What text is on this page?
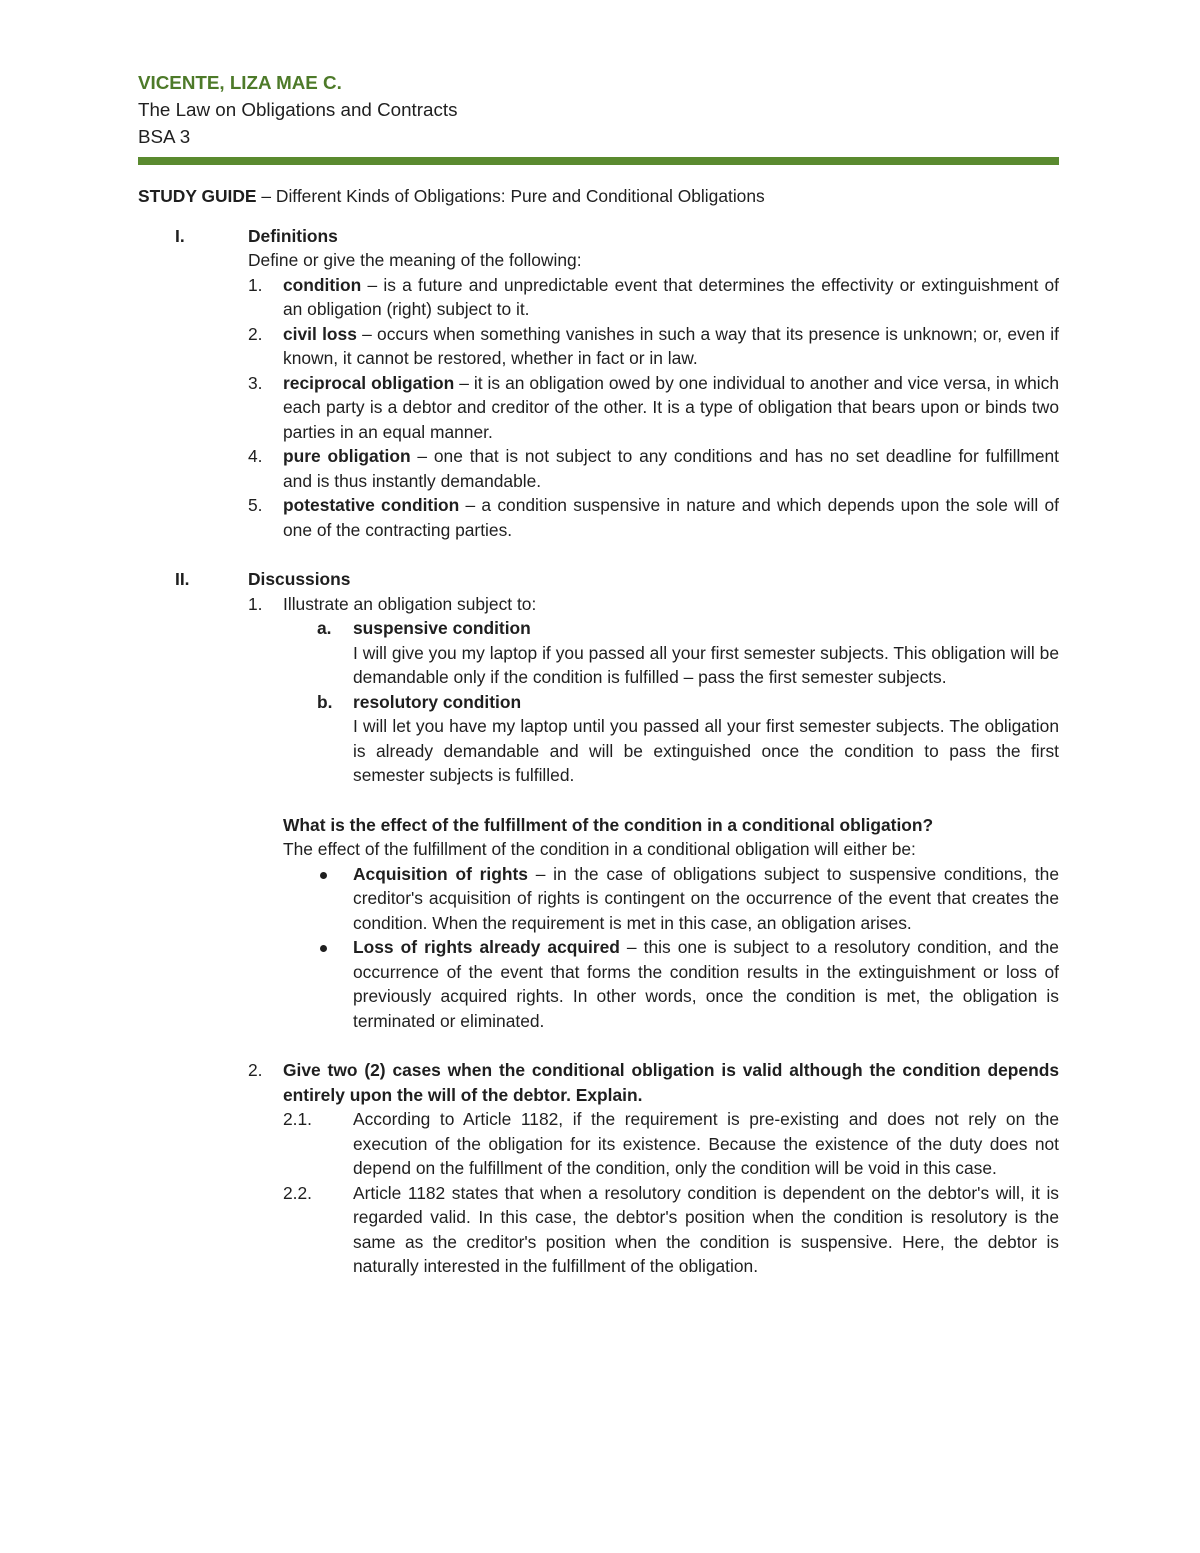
VICENTE, LIZA MAE C.
The Law on Obligations and Contracts
BSA 3
STUDY GUIDE – Different Kinds of Obligations: Pure and Conditional Obligations
I.	Definitions
Define or give the meaning of the following:
1. condition – is a future and unpredictable event that determines the effectivity or extinguishment of an obligation (right) subject to it.
2. civil loss – occurs when something vanishes in such a way that its presence is unknown; or, even if known, it cannot be restored, whether in fact or in law.
3. reciprocal obligation – it is an obligation owed by one individual to another and vice versa, in which each party is a debtor and creditor of the other. It is a type of obligation that bears upon or binds two parties in an equal manner.
4. pure obligation – one that is not subject to any conditions and has no set deadline for fulfillment and is thus instantly demandable.
5. potestative condition – a condition suspensive in nature and which depends upon the sole will of one of the contracting parties.
II.	Discussions
1. Illustrate an obligation subject to:
a. suspensive condition
I will give you my laptop if you passed all your first semester subjects. This obligation will be demandable only if the condition is fulfilled – pass the first semester subjects.
b. resolutory condition
I will let you have my laptop until you passed all your first semester subjects. The obligation is already demandable and will be extinguished once the condition to pass the first semester subjects is fulfilled.
What is the effect of the fulfillment of the condition in a conditional obligation?
The effect of the fulfillment of the condition in a conditional obligation will either be:
Acquisition of rights – in the case of obligations subject to suspensive conditions, the creditor's acquisition of rights is contingent on the occurrence of the event that creates the condition. When the requirement is met in this case, an obligation arises.
Loss of rights already acquired – this one is subject to a resolutory condition, and the occurrence of the event that forms the condition results in the extinguishment or loss of previously acquired rights. In other words, once the condition is met, the obligation is terminated or eliminated.
2. Give two (2) cases when the conditional obligation is valid although the condition depends entirely upon the will of the debtor. Explain.
2.1. According to Article 1182, if the requirement is pre-existing and does not rely on the execution of the obligation for its existence. Because the existence of the duty does not depend on the fulfillment of the condition, only the condition will be void in this case.
2.2. Article 1182 states that when a resolutory condition is dependent on the debtor's will, it is regarded valid. In this case, the debtor's position when the condition is resolutory is the same as the creditor's position when the condition is suspensive. Here, the debtor is naturally interested in the fulfillment of the obligation.
